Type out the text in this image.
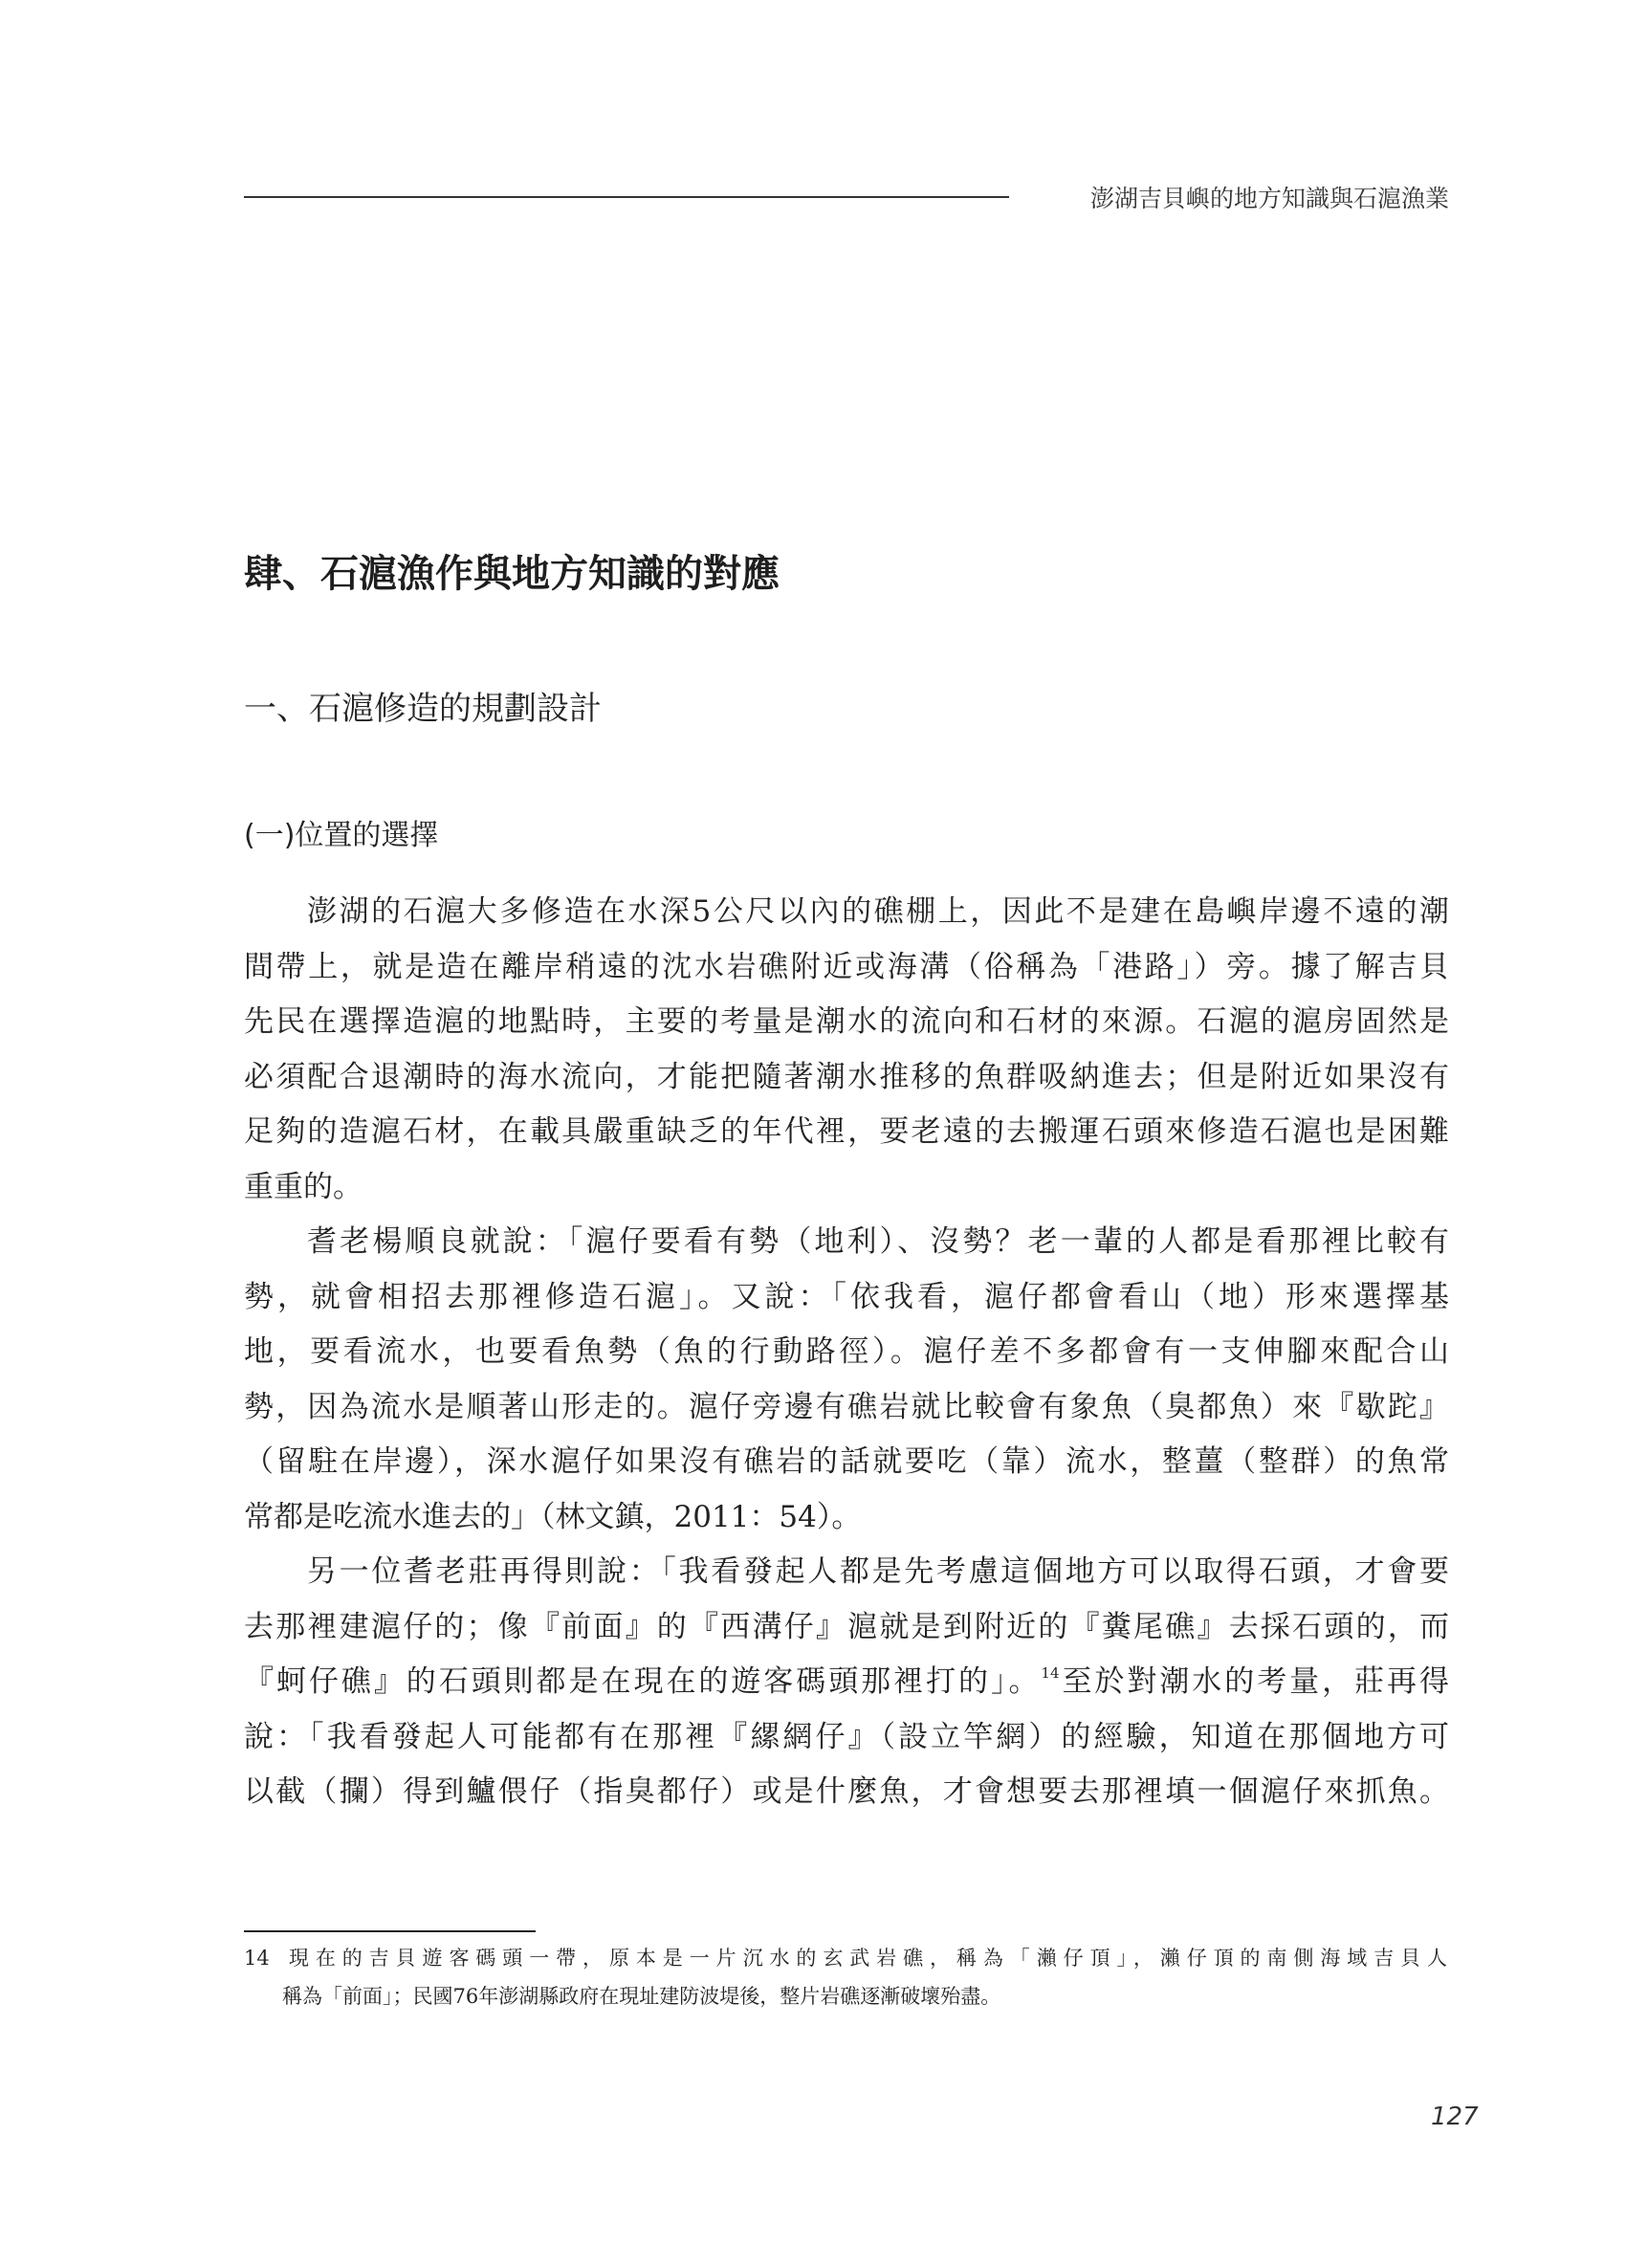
澎湖吉貝嶼的地方知識與石滬漁業
肆、石滬漁作與地方知識的對應
一、石滬修造的規劃設計
(一)位置的選擇
澎湖的石滬大多修造在水深5公尺以內的礁棚上，因此不是建在島嶼岸邊不遠的潮
間帶上，就是造在離岸稍遠的沈水岩礁附近或海溝（俗稱為「港路」）旁。據了解吉貝
先民在選擇造滬的地點時，主要的考量是潮水的流向和石材的來源。石滬的滬房固然是
必須配合退潮時的海水流向，才能把隨著潮水推移的魚群吸納進去；但是附近如果沒有
足夠的造滬石材，在載具嚴重缺乏的年代裡，要老遠的去搬運石頭來修造石滬也是困難
重重的。
耆老楊順良就說：「滬仔要看有勢（地利）、沒勢？老一輩的人都是看那裡比較有
勢，就會相招去那裡修造石滬」。又說：「依我看，滬仔都會看山（地）形來選擇基
地，要看流水，也要看魚勢（魚的行動路徑）。滬仔差不多都會有一支伸腳來配合山
勢，因為流水是順著山形走的。滬仔旁邊有礁岩就比較會有象魚（臭都魚）來『歇跎』
（留駐在岸邊），深水滬仔如果沒有礁岩的話就要吃（靠）流水，整薑（整群）的魚常
常都是吃流水進去的」（林文鎮，2011：54）。
另一位耆老莊再得則說：「我看發起人都是先考慮這個地方可以取得石頭，才會要
去那裡建滬仔的；像『前面』的『西溝仔』滬就是到附近的『糞尾礁』去採石頭的，而
『蚵仔礁』的石頭則都是在現在的遊客碼頭那裡打的」。$^{14}$至於對潮水的考量，莊再得
說：「我看發起人可能都有在那裡『縲網仔』（設立竿網）的經驗，知道在那個地方可
以截（攔）得到鱸偎仔（指臭都仔）或是什麼魚，才會想要去那裡填一個滬仔來抓魚。
14 現在的吉貝遊客碼頭一帶，原本是一片沉水的玄武岩礁，稱為「瀨仔頂」，瀨仔頂的南側海域吉貝人
稱為「前面」；民國76年澎湖縣政府在現址建防波堤後，整片岩礁逐漸破壞殆盡。
127
